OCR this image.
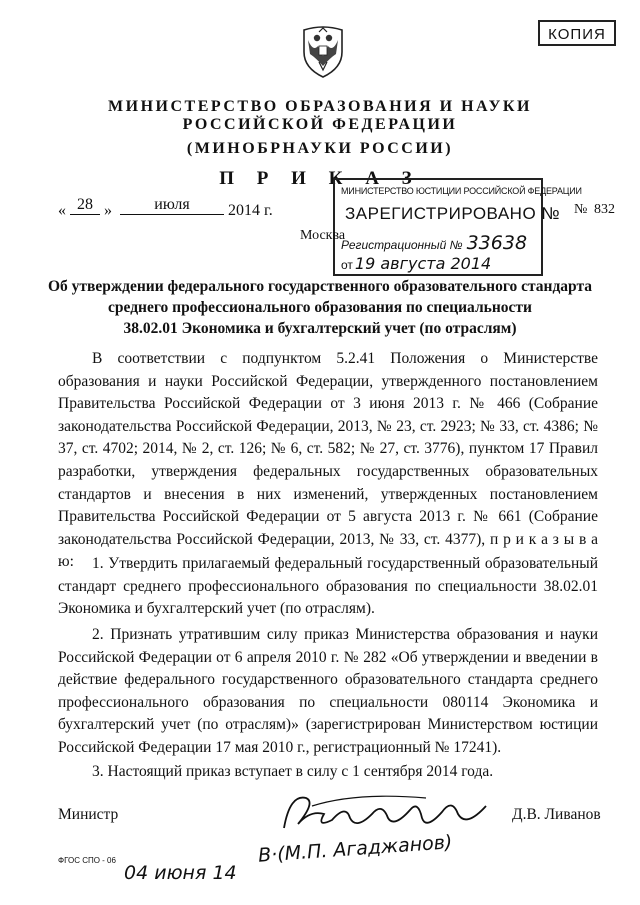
КОПИЯ
МИНИСТЕРСТВО ОБРАЗОВАНИЯ И НАУКИ
РОССИЙСКОЙ ФЕДЕРАЦИИ
(МИНОБРНАУКИ РОССИИ)
П Р И К А З
« 28 »	июля 2014 г.
МИНИСТЕРСТВО ЮСТИЦИИ РОССИЙСКОЙ ФЕДЕРАЦИИ
ЗАРЕГИСТРИРОВАНО №
Регистрационный № 33638
от 19 августа 2014
Москва
№ 832
Об утверждении федерального государственного образовательного стандарта
среднего профессионального образования по специальности
38.02.01 Экономика и бухгалтерский учет (по отраслям)

В соответствии с подпунктом 5.2.41 Положения о Министерстве образования и науки Российской Федерации, утвержденного постановлением Правительства Российской Федерации от 3 июня 2013 г. № 466 (Собрание законодательства Российской Федерации, 2013, № 23, ст. 2923; № 33, ст. 4386; № 37, ст. 4702; 2014, № 2, ст. 126; № 6, ст. 582; № 27, ст. 3776), пунктом 17 Правил разработки, утверждения федеральных государственных образовательных стандартов и внесения в них изменений, утвержденных постановлением Правительства Российской Федерации от 5 августа 2013 г. № 661 (Собрание законодательства Российской Федерации, 2013, № 33, ст. 4377), п р и к а з ы в а ю:	1. Утвердить прилагаемый федеральный государственный образовательный стандарт среднего профессионального образования по специальности 38.02.01 Экономика и бухгалтерский учет (по отраслям).

2. Признать утратившим силу приказ Министерства образования и науки Российской Федерации от 6 апреля 2010 г. № 282 «Об утверждении и введении в действие федерального государственного образовательного стандарта среднего профессионального образования по специальности 080114 Экономика и бухгалтерский учет (по отраслям)» (зарегистрирован Министерством юстиции Российской Федерации 17 мая 2010 г., регистрационный № 17241).

3. Настоящий приказ вступает в силу с 1 сентября 2014 года.

Министр	Д.В. Ливанов
В·(М.П. Агаджанов)
ФГОС СПО - 06
04 июня 14
